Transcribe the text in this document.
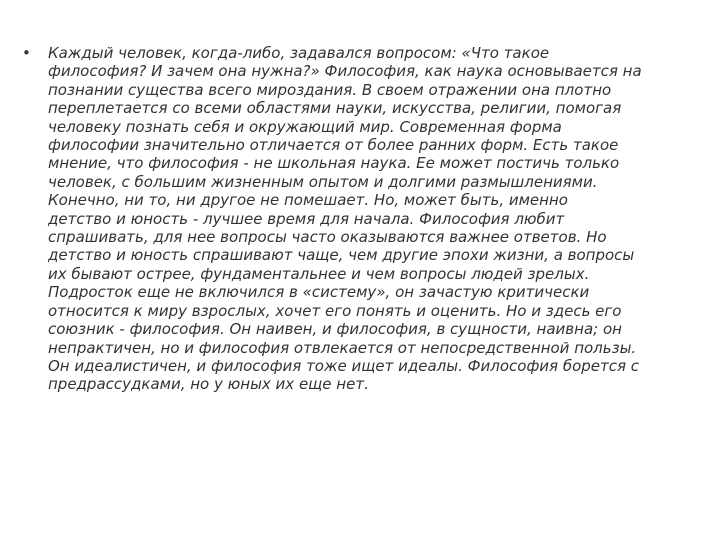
•	Каждый человек, когда-либо, задавался вопросом: «Что такое
философия? И зачем она нужна?» Философия, как наука основывается на
познании существа всего мироздания. В своем отражении она плотно
переплетается со всеми областями науки, искусства, религии, помогая
человеку познать себя и окружающий мир. Современная форма
философии значительно отличается от более ранних форм. Есть такое
мнение, что философия - не школьная наука. Ее может постичь только
человек, с большим жизненным опытом и долгими размышлениями.
Конечно, ни то, ни другое не помешает. Но, может быть, именно
детство и юность - лучшее время для начала. Философия любит
спрашивать, для нее вопросы часто оказываются важнее ответов. Но
детство и юность спрашивают чаще, чем другие эпохи жизни, а вопросы
их бывают острее, фундаментальнее и чем вопросы людей зрелых.
Подросток еще не включился в «систему», он зачастую критически
относится к миру взрослых, хочет его понять и оценить. Но и здесь его
союзник - философия. Он наивен, и философия, в сущности, наивна; он
непрактичен, но и философия отвлекается от непосредственной пользы.
Он идеалистичен, и философия тоже ищет идеалы. Философия борется с
предрассудками, но у юных их еще нет.
